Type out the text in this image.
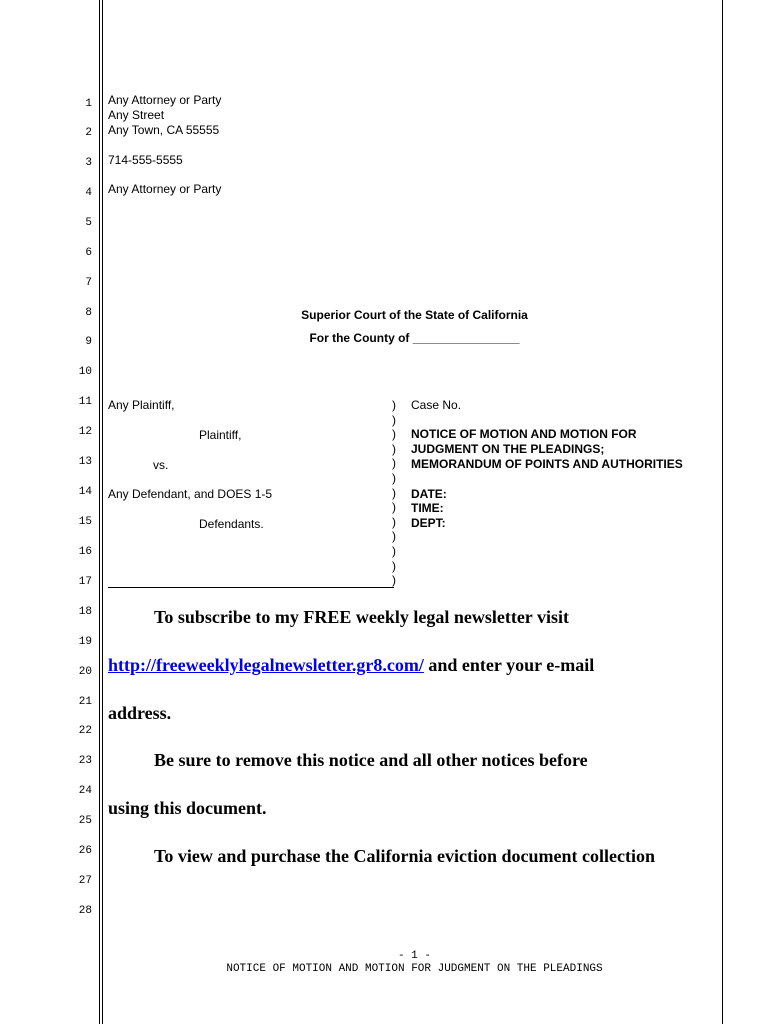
1
2
3
4
5
6
7
8
9
10
11
12
13
14
15
16
17
18
19
20
21
22
23
24
25
26
27
28
Any Attorney or Party
Any Street
Any Town, CA 55555
714-555-5555
Any Attorney or Party
Superior Court of the State of California
For the County of ________________
Any Plaintiff,
Plaintiff,
vs.
Any Defendant, and DOES 1-5
Defendants.
)
)
)
)
)
)
)
)
)
)
)
)
)
Case No.
NOTICE OF MOTION AND MOTION FOR
JUDGMENT ON THE PLEADINGS;
MEMORANDUM OF POINTS AND AUTHORITIES
DATE:
TIME:
DEPT:
To subscribe to my FREE weekly legal newsletter visit
http://freeweeklylegalnewsletter.gr8.com/ and enter your e-mail
address.
Be sure to remove this notice and all other notices before
using this document.
To view and purchase the California eviction document collection
- 1 -
NOTICE OF MOTION AND MOTION FOR JUDGMENT ON THE PLEADINGS
